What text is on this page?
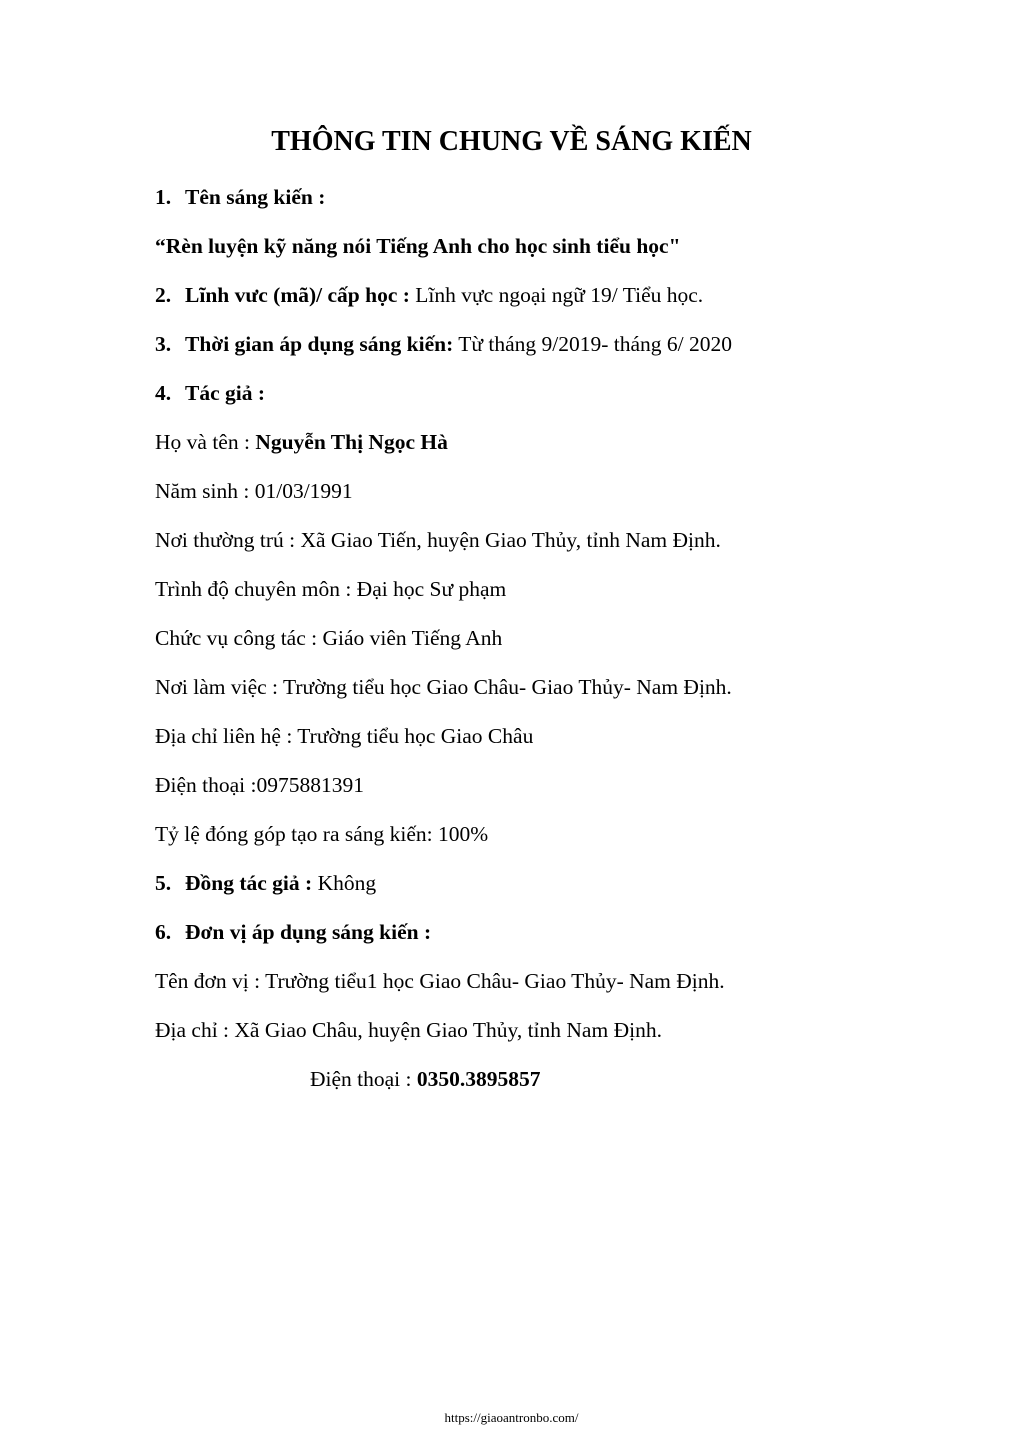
THÔNG TIN CHUNG VỀ SÁNG KIẾN
1. Tên sáng kiến :
“Rèn luyện kỹ năng nói Tiếng Anh cho học sinh tiểu học"
2. Lĩnh vưc (mã)/ cấp học : Lĩnh vực ngoại ngữ 19/ Tiểu học.
3. Thời gian áp dụng sáng kiến: Từ tháng 9/2019- tháng 6/ 2020
4. Tác giả :
Họ và tên : Nguyễn Thị Ngọc Hà
Năm sinh : 01/03/1991
Nơi thường trú : Xã Giao Tiến, huyện Giao Thủy, tỉnh Nam Định.
Trình độ chuyên môn : Đại học Sư phạm
Chức vụ công tác : Giáo viên Tiếng Anh
Nơi làm việc : Trường tiểu học Giao Châu- Giao Thủy- Nam Định.
Địa chỉ liên hệ : Trường tiểu học Giao Châu
Điện thoại :0975881391
Tỷ lệ đóng góp tạo ra sáng kiến: 100%
5. Đồng tác giả : Không
6. Đơn vị áp dụng sáng kiến :
Tên đơn vị : Trường tiểu1 học Giao Châu- Giao Thủy- Nam Định.
Địa chỉ : Xã Giao Châu, huyện Giao Thủy, tỉnh Nam Định.
Điện thoại : 0350.3895857
https://giaoantronbo.com/
